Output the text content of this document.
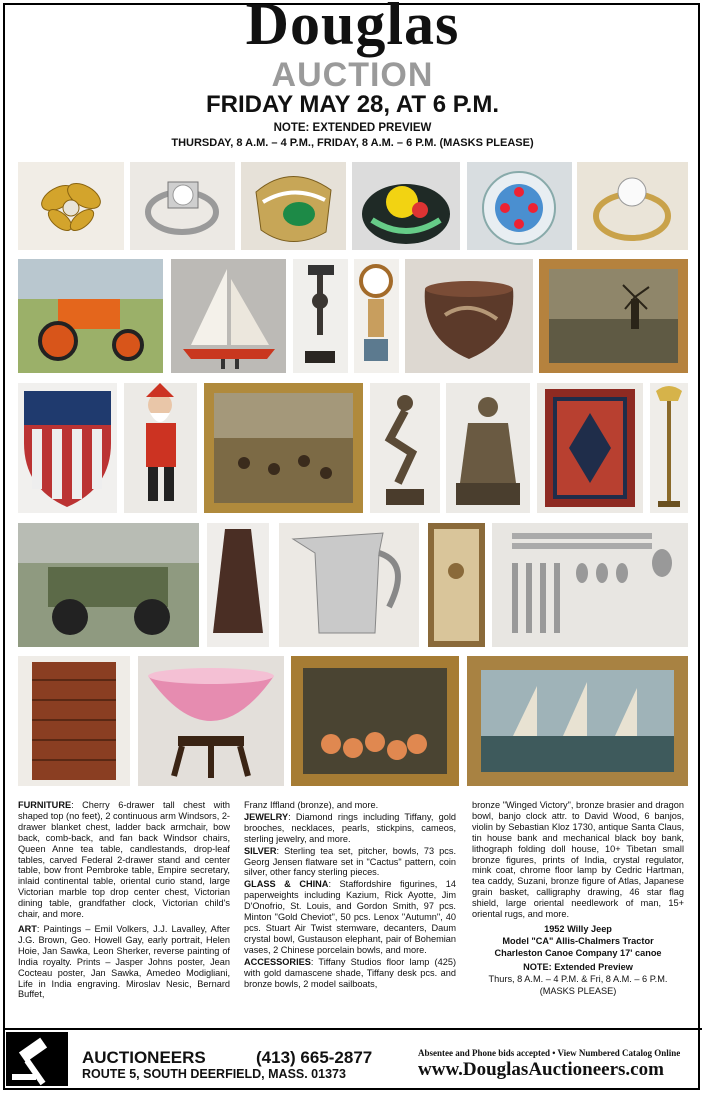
Douglas
AUCTION
FRIDAY MAY 28, AT 6 P.M.
NOTE: EXTENDED PREVIEW
THURSDAY, 8 A.M. – 4 P.M., FRIDAY, 8 A.M. – 6 P.M. (MASKS PLEASE)

FURNITURE: Cherry 6-drawer tall chest with shaped top (no feet), 2 continuous arm Windsors, 2-drawer blanket chest, ladder back armchair, bow back, comb-back, and fan back Windsor chairs, Queen Anne tea table, candlestands, drop-leaf tables, carved Federal 2-drawer stand and center table, bow front Pembroke table, Empire secretary, inlaid continental table, oriental curio stand, large Victorian marble top drop center chest, Victorian dining table, grandfather clock, Victorian child's chair, and more.

ART: Paintings – Emil Volkers, J.J. Lavalley, After J.G. Brown, Geo. Howell Gay, early portrait, Helen Hoie, Jan Sawka, Leon Sherker, reverse painting of India royalty. Prints – Jasper Johns poster, Jean Cocteau poster, Jan Sawka, Amedeo Modigliani, Life in India engraving. Miroslav Nesic, Bernard Buffet,

Franz Iffland (bronze), and more.

JEWELRY: Diamond rings including Tiffany, gold brooches, necklaces, pearls, stickpins, cameos, sterling jewelry, and more.

SILVER: Sterling tea set, pitcher, bowls, 73 pcs. Georg Jensen flatware set in "Cactus" pattern, coin silver, other fancy sterling pieces.

GLASS & CHINA: Staffordshire figurines, 14 paperweights including Kazium, Rick Ayotte, Jim D'Onofrio, St. Louis, and Gordon Smith, 97 pcs. Minton "Gold Cheviot", 50 pcs. Lenox "Autumn", 40 pcs. Stuart Air Twist stemware, decanters, Daum crystal bowl, Gustauson elephant, pair of Bohemian vases, 2 Chinese porcelain bowls, and more.

ACCESSORIES: Tiffany Studios floor lamp (425) with gold damascene shade, Tiffany desk pcs. and bronze bowls, 2 model sailboats,

bronze "Winged Victory", bronze brasier and dragon bowl, banjo clock attr. to David Wood, 6 banjos, violin by Sebastian Kloz 1730, antique Santa Claus, tin house bank and mechanical black boy bank, lithograph folding doll house, 10+ Tibetan small bronze figures, prints of India, crystal regulator, mink coat, chrome floor lamp by Cedric Hartman, tea caddy, Suzani, bronze figure of Atlas, Japanese grain basket, calligraphy drawing, 46 star flag shield, large oriental needlework of man, 15+ oriental rugs, and more.

1952 Willy Jeep

Model "CA" Allis-Chalmers Tractor

Charleston Canoe Company 17' canoe

NOTE: Extended Preview

Thurs, 8 A.M. – 4 P.M. & Fri, 8 A.M. – 6 P.M.

(MASKS PLEASE)

AUCTIONEERS	(413) 665-2877
ROUTE 5, SOUTH DEERFIELD, MASS. 01373
Absentee and Phone bids accepted • View Numbered Catalog Online
www.DouglasAuctioneers.com
